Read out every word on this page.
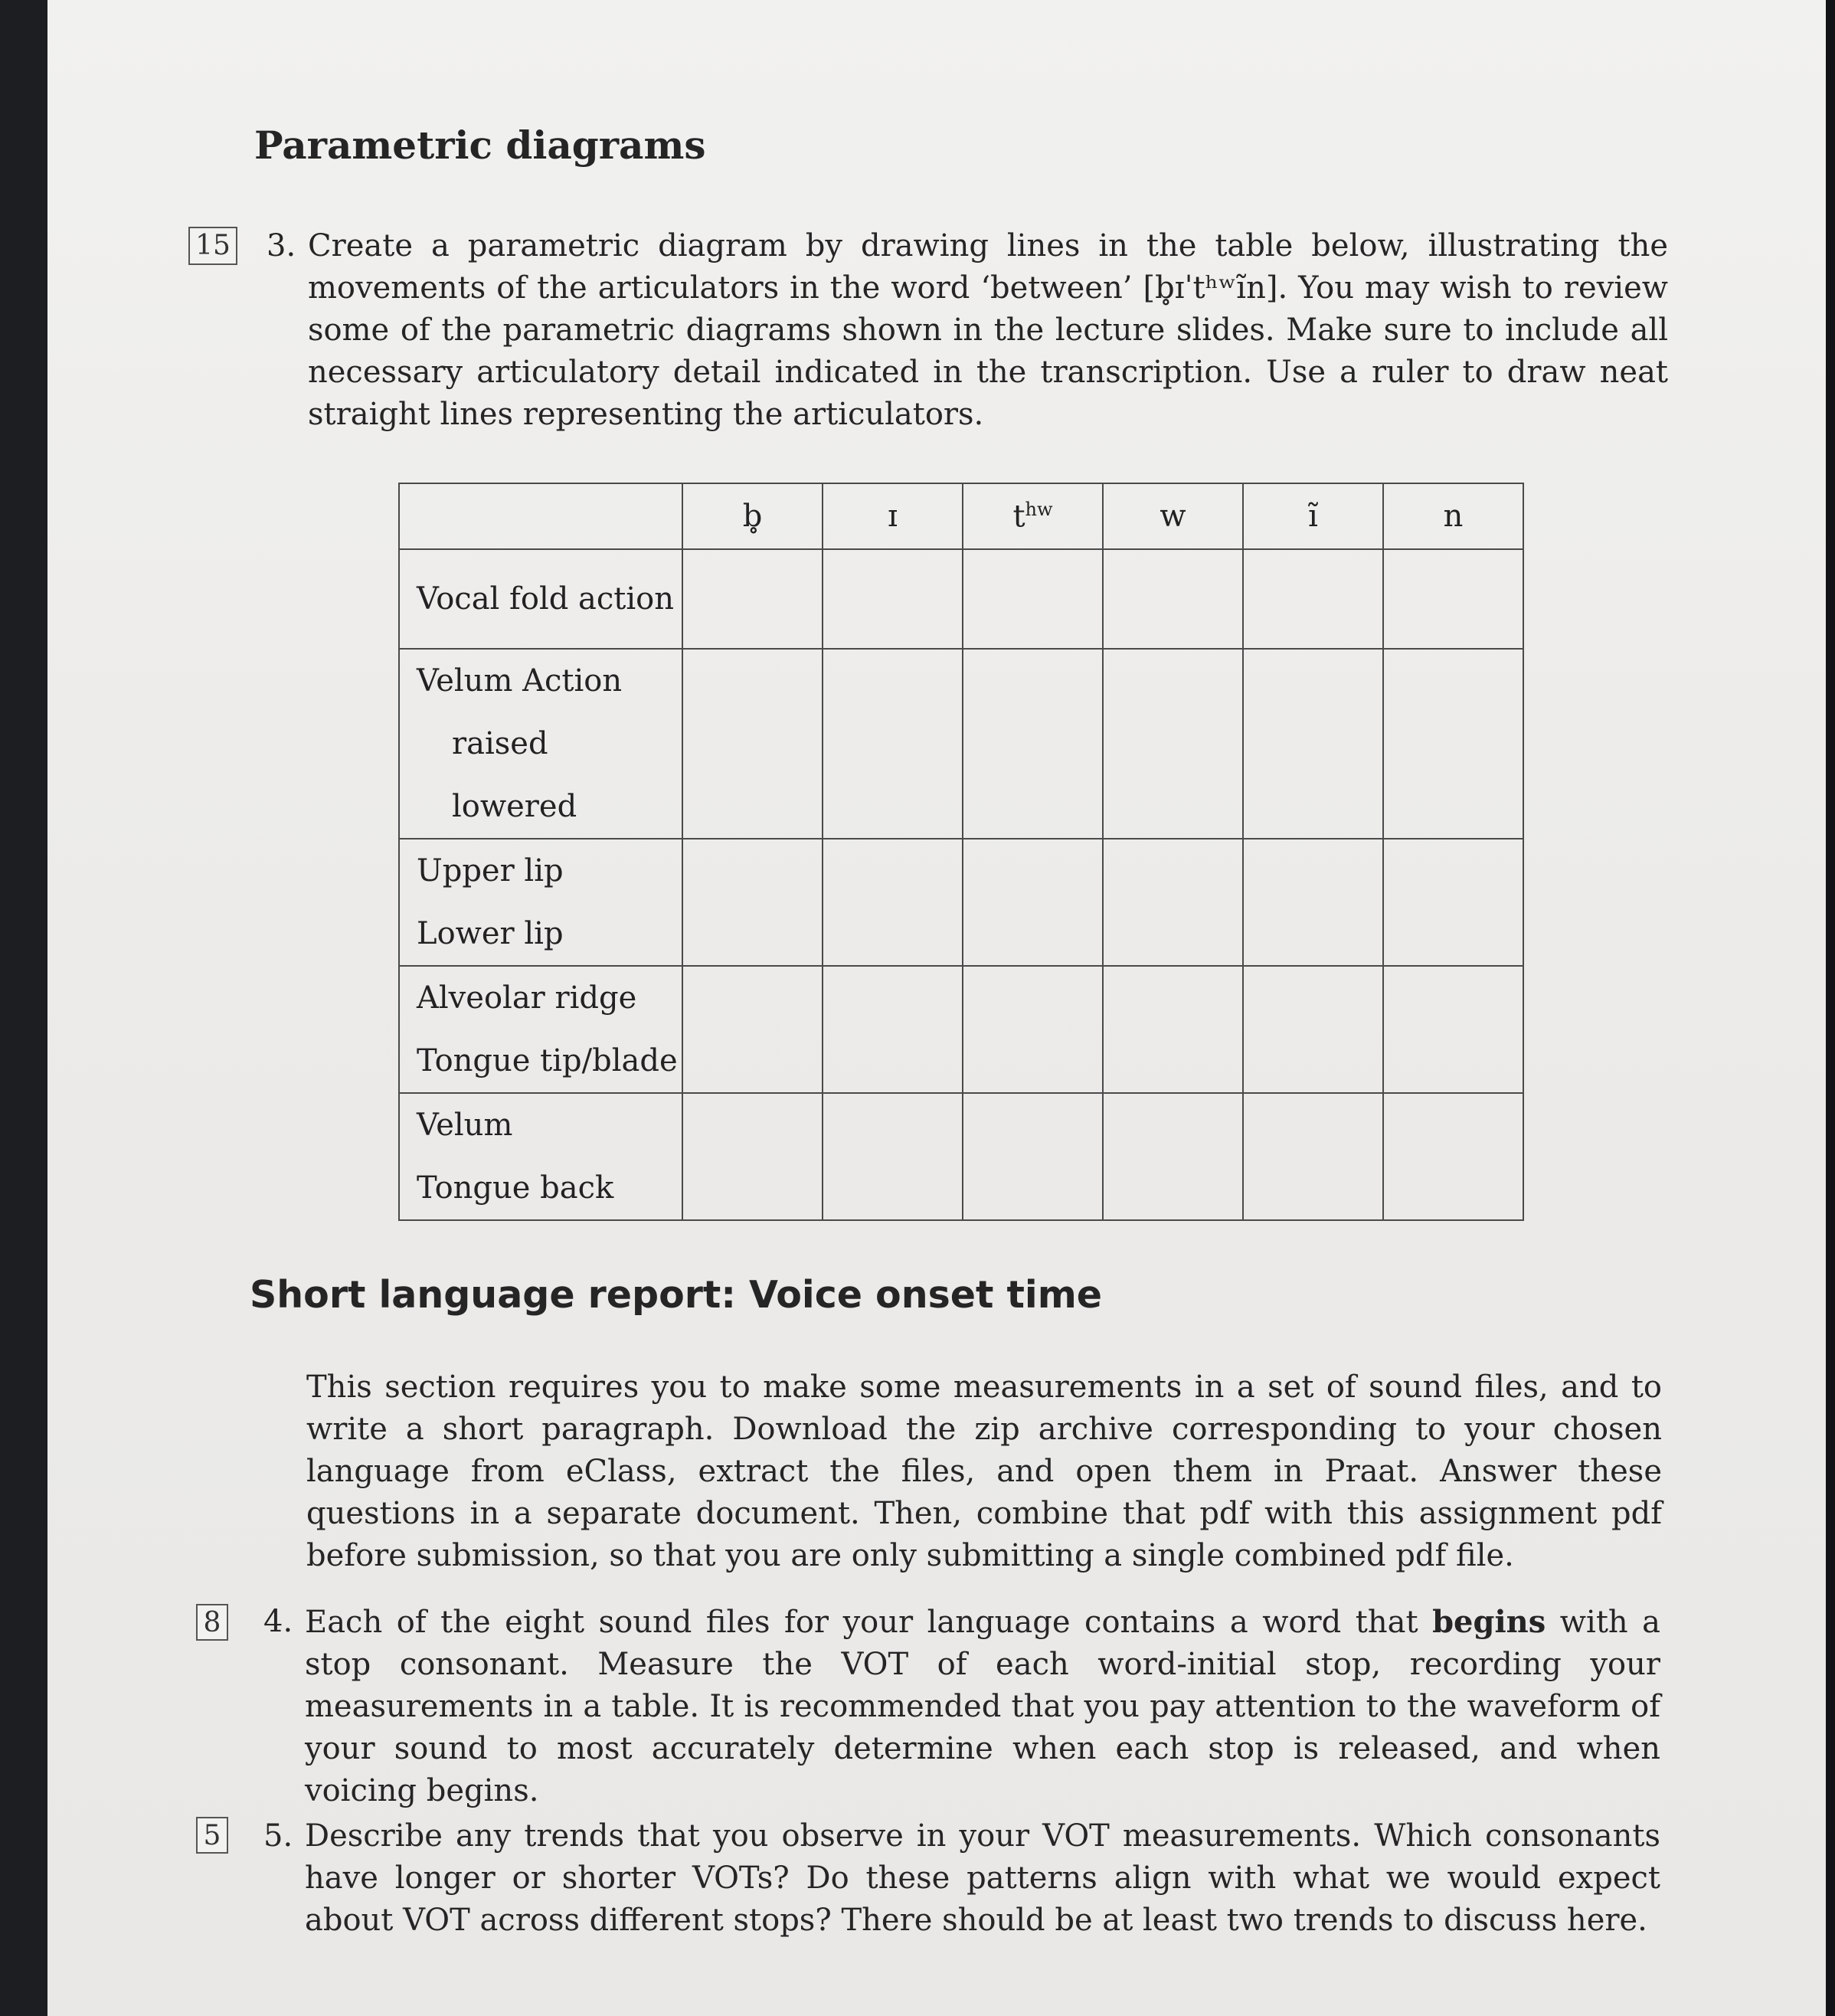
Parametric diagrams
15 3. Create a parametric diagram by drawing lines in the table below, illustrating the movements of the articulators in the word ‘between’ [b̥ɪˈtʰʷĩn]. You may wish to review some of the parametric diagrams shown in the lecture slides. Make sure to include all necessary articulatory detail indicated in the transcription. Use a ruler to draw neat straight lines representing the articulators.
	b̥	ɪ	$t^{hw}$	w	ĩ	n

Vocal fold action						

Velum Action
raised
lowered						

Upper lip
Lower lip						

Alveolar ridge
Tongue tip/blade						

Velum
Tongue back						

Short language report: Voice onset time
This section requires you to make some measurements in a set of sound files, and to write a short paragraph. Download the zip archive corresponding to your chosen language from eClass, extract the files, and open them in Praat. Answer these questions in a separate document. Then, combine that pdf with this assignment pdf before submission, so that you are only submitting a single combined pdf file.
8 4. Each of the eight sound files for your language contains a word that begins with a stop consonant. Measure the VOT of each word-initial stop, recording your measurements in a table. It is recommended that you pay attention to the waveform of your sound to most accurately determine when each stop is released, and when voicing begins.
5 5. Describe any trends that you observe in your VOT measurements. Which consonants have longer or shorter VOTs? Do these patterns align with what we would expect about VOT across different stops? There should be at least two trends to discuss here.
